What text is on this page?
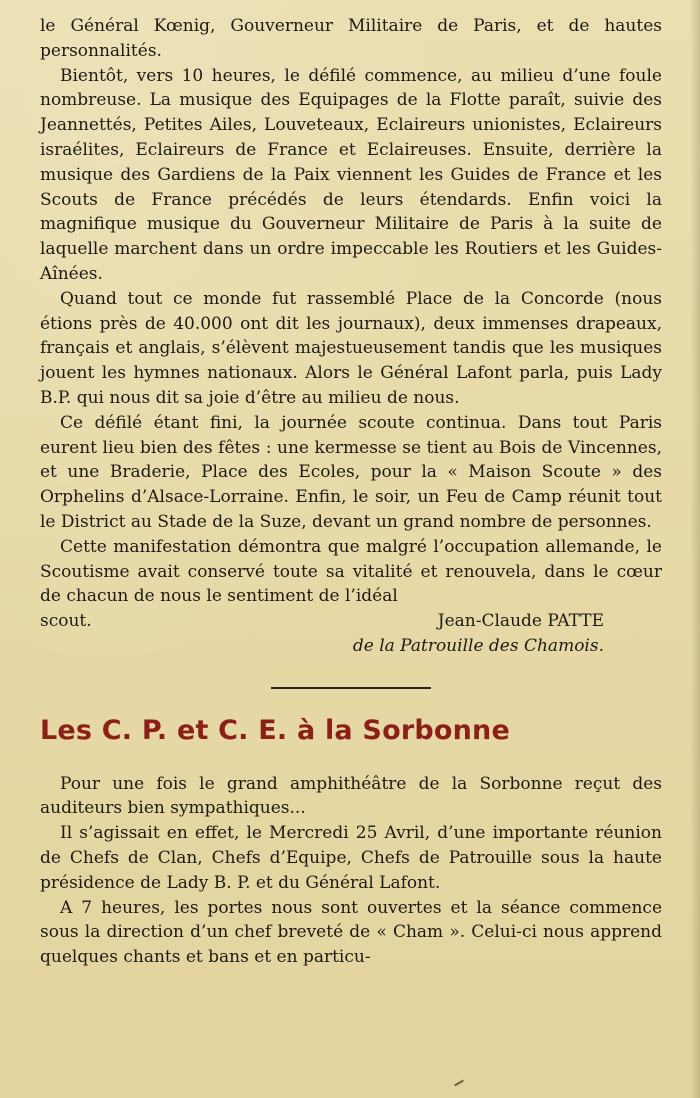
le Général Kœnig, Gouverneur Militaire de Paris, et de hautes personnalités.

Bientôt, vers 10 heures, le défilé commence, au milieu d’une foule nombreuse. La musique des Equipages de la Flotte paraît, suivie des Jeannettés, Petites Ailes, Louveteaux, Eclaireurs unionistes, Eclaireurs israélites, Eclaireurs de France et Eclaireuses. Ensuite, derrière la musique des Gardiens de la Paix viennent les Guides de France et les Scouts de France précédés de leurs étendards. Enfin voici la magnifique musique du Gouverneur Militaire de Paris à la suite de laquelle marchent dans un ordre impeccable les Routiers et les Guides-Aînées.

Quand tout ce monde fut rassemblé Place de la Concorde (nous étions près de 40.000 ont dit les journaux), deux immenses drapeaux, français et anglais, s’élèvent majestueusement tandis que les musiques jouent les hymnes nationaux. Alors le Général Lafont parla, puis Lady B.P. qui nous dit sa joie d’être au milieu de nous.

Ce défilé étant fini, la journée scoute continua. Dans tout Paris eurent lieu bien des fêtes : une kermesse se tient au Bois de Vincennes, et une Braderie, Place des Ecoles, pour la « Maison Scoute » des Orphelins d’Alsace-Lorraine. Enfin, le soir, un Feu de Camp réunit tout le District au Stade de la Suze, devant un grand nombre de personnes.

Cette manifestation démontra que malgré l’occupation allemande, le Scoutisme avait conservé toute sa vitalité et renouvela, dans le cœur de chacun de nous le sentiment de l’idéal

scout.	Jean-Claude PATTE

de la Patrouille des Chamois.

Les C. P. et C. E. à la Sorbonne

Pour une fois le grand amphithéâtre de la Sorbonne reçut des auditeurs bien sympathiques...

Il s’agissait en effet, le Mercredi 25 Avril, d’une importante réunion de Chefs de Clan, Chefs d’Equipe, Chefs de Patrouille sous la haute présidence de Lady B. P. et du Général Lafont.

A 7 heures, les portes nous sont ouvertes et la séance commence sous la direction d’un chef breveté de « Cham ». Celui-ci nous apprend quelques chants et bans et en particu-
